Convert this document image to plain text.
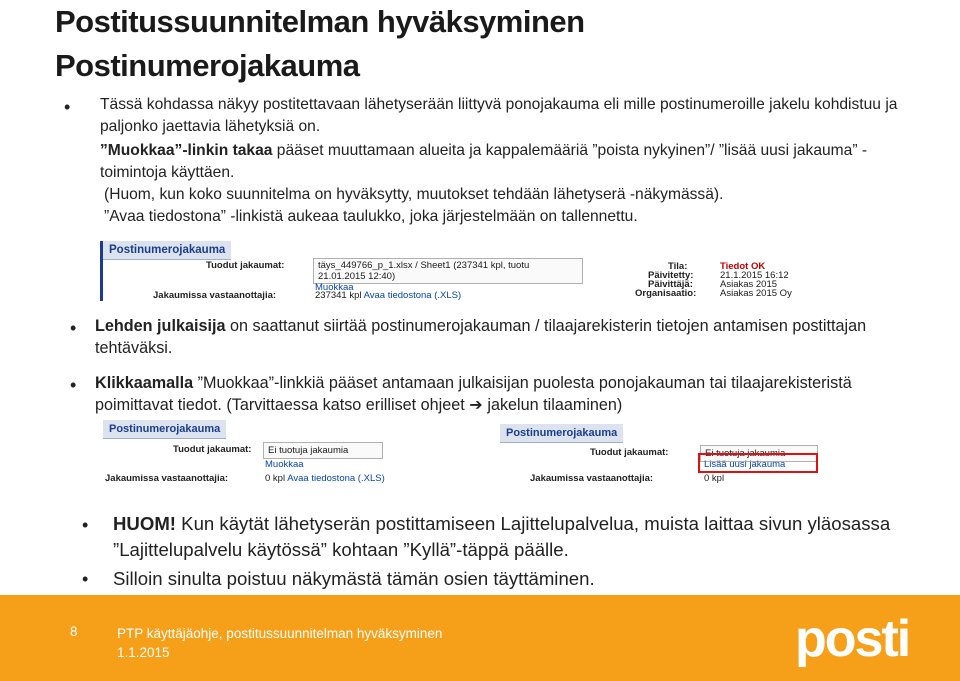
Postitussuunnitelman hyväksyminen
Postinumerojakauma
• Tässä kohdassa näkyy postitettavaan lähetyserään liittyvä ponojakauma eli mille postinumeroille jakelu kohdistuu ja paljonko jaettavia lähetyksiä on.
”Muokkaa”-linkin takaa pääset muuttamaan alueita ja kappalemääriä ”poista nykyinen”/ ”lisää uusi jakauma” -toimintoja käyttäen.
(Huom, kun koko suunnitelma on hyväksytty, muutokset tehdään lähetyserä -näkymässä).
”Avaa tiedostona” -linkistä aukeaa taulukko, joka järjestelmään on tallennettu.
Postinumerojakauma
Tuodut jakaumat:	täys_449766_p_1.xlsx / Sheet1 (237341 kpl, tuotu 21.01.2015 12:40)
Muokkaa
Jakaumissa vastaanottajia:	237341 kpl Avaa tiedostona (.XLS)
Tila:	Tiedot OK
Päivitetty:	21.1.2015 16:12
Päivittäjä:	Asiakas 2015
Organisaatio:	Asiakas 2015 Oy
• Lehden julkaisija on saattanut siirtää postinumerojakauman / tilaajarekisterin tietojen antamisen postittajan tehtäväksi.
• Klikkaamalla ”Muokkaa”-linkkiä pääset antamaan julkaisijan puolesta ponojakauman tai tilaajarekisteristä poimittavat tiedot. (Tarvittaessa katso erilliset ohjeet ➔ jakelun tilaaminen)
Postinumerojakauma
Tuodut jakaumat:	Ei tuotuja jakaumia
Muokkaa
Jakaumissa vastaanottajia:	0 kpl Avaa tiedostona (.XLS)
Postinumerojakauma
Tuodut jakaumat:	Ei tuotuja jakaumia
Lisää uusi jakauma
Jakaumissa vastaanottajia:	0 kpl
• HUOM! Kun käytät lähetyserän postittamiseen Lajittelupalvelua, muista laittaa sivun yläosassa ”Lajittelupalvelu käytössä” kohtaan ”Kyllä”-täppä päälle.
• Silloin sinulta poistuu näkymästä tämän osien täyttäminen.
8	PTP käyttäjäohje, postitussuunnitelman hyväksyminen
1.1.2015	posti
